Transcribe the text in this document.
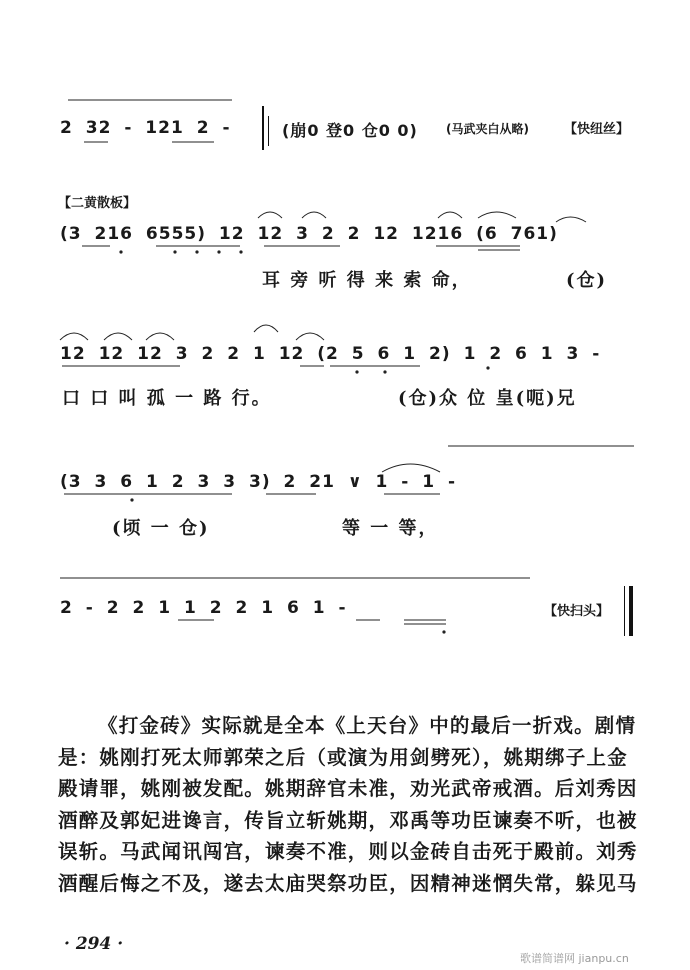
2 32 - 121 2 -	(崩0 登0 仓0 0) (马武夹白从略)	【快纽丝】
【二黄散板】
(3 216 6555) 12 12 3 2 2 12 1216 (6 761)
耳 旁 听 得 来 索 命，	(仓)
12 12 12 3 2 2 1 12 (2 5 6 1 2) 1 2 6 1 3 -
口 口 叫 孤 一 路 行。	(仓)众 位 皇(呃)兄
(3 3 6 1 2 3 3 3) 2 21 ∨ 1 - 1 -
(顷 一 仓)	等 一 等，
2 - 2 2 1 1 2 2 1 6 1 -	【快扫头】
《打金砖》实际就是全本《上天台》中的最后一折戏。剧情
是：姚刚打死太师郭荣之后（或演为用剑劈死），姚期绑子上金
殿请罪，姚刚被发配。姚期辞官未准，劝光武帝戒酒。后刘秀因
酒醉及郭妃进谗言，传旨立斩姚期，邓禹等功臣谏奏不听，也被
误斩。马武闻讯闯宫，谏奏不准，则以金砖自击死于殿前。刘秀
酒醒后悔之不及，遂去太庙哭祭功臣，因精神迷惘失常，躲见马
· 294 ·
歌谱简谱网 jianpu.cn
